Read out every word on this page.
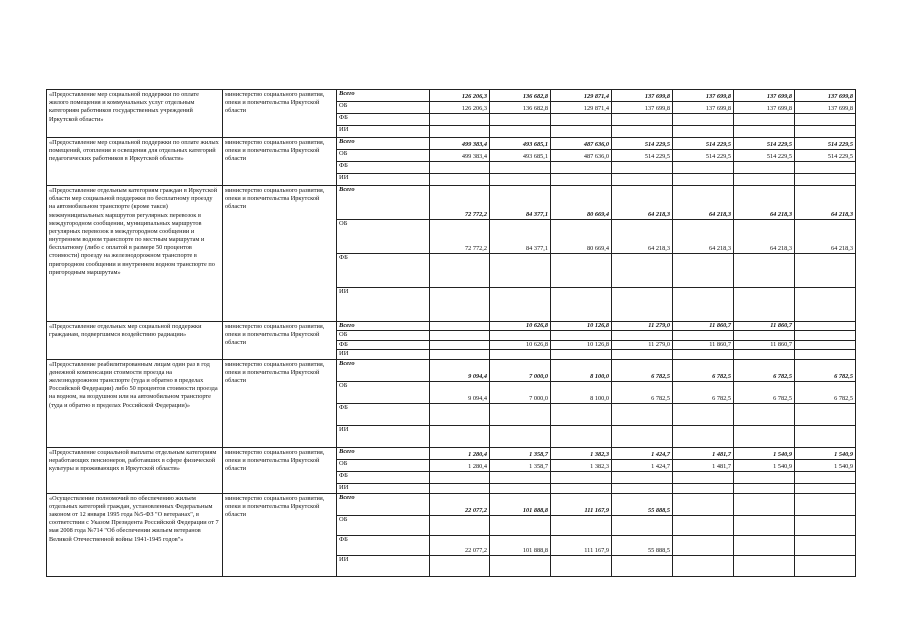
«Предоставление мер социальной поддержки по оплате жилого помещения и коммунальных услуг отдельным категориям работников государственных учреждений Иркутской области»	министерство социального развития, опеки и попечительства Иркутской области	Всего	126 206,3	136 682,8	129 871,4	137 699,8	137 699,8	137 699,8	137 699,8
		ОБ	126 206,3	136 682,8	129 871,4	137 699,8	137 699,8	137 699,8	137 699,8
		ФБ							
		ИИ							
«Предоставление мер социальной поддержки по оплате жилых помещений, отопления и освещения для отдельных категорий педагогических работников в Иркутской области»	министерство социального развития, опеки и попечительства Иркутской области	Всего	499 383,4	493 685,1	487 636,0	514 229,5	514 229,5	514 229,5	514 229,5
		ОБ	499 383,4	493 685,1	487 636,0	514 229,5	514 229,5	514 229,5	514 229,5
		ФБ							
		ИИ							
«Предоставление отдельным категориям граждан в Иркутской области мер социальной поддержки по бесплатному проезду на автомобильном транспорте (кроме такси) межмуниципальных маршрутов регулярных перевозок в междугородном сообщении, муниципальных маршрутов регулярных перевозок в междугородном сообщении и внутреннем водном транспорте по местным маршрутам и бесплатному (либо с оплатой в размере 50 процентов стоимости) проезду на железнодорожном транспорте в пригородном сообщении и внутреннем водном транспорте по пригородным маршрутам»	министерство социального развития, опеки и попечительства Иркутской области	Всего	72 772,2	84 377,1	80 669,4	64 218,3	64 218,3	64 218,3	64 218,3
		ОБ	72 772,2	84 377,1	80 669,4	64 218,3	64 218,3	64 218,3	64 218,3
		ФБ							
		ИИ							
«Предоставление отдельных мер социальной поддержки гражданам, подвергшимся воздействию радиации»	министерство социального развития, опеки и попечительства Иркутской области	Всего		10 626,8	10 126,8	11 279,0	11 860,7	11 860,7	
		ОБ							
		ФБ		10 626,8	10 126,8	11 279,0	11 860,7	11 860,7	
		ИИ							
«Предоставление реабилитированным лицам один раз в год денежной компенсации стоимости проезда на железнодорожном транспорте (туда и обратно в пределах Российской Федерации) либо 50 процентов стоимости проезда на водном, на воздушном или на автомобильном транспорте (туда и обратно в пределах Российской Федерации)»	министерство социального развития, опеки и попечительства Иркутской области	Всего	9 094,4	7 000,0	8 100,0	6 782,5	6 782,5	6 782,5	6 782,5
		ОБ	9 094,4	7 000,0	8 100,0	6 782,5	6 782,5	6 782,5	6 782,5
		ФБ							
		ИИ							
«Предоставление социальной выплаты отдельным категориям неработающих пенсионеров, работавших в сфере физической культуры и проживающих в Иркутской области»	министерство социального развития, опеки и попечительства Иркутской области	Всего	1 280,4	1 358,7	1 382,3	1 424,7	1 481,7	1 540,9	1 540,9
		ОБ	1 280,4	1 358,7	1 382,3	1 424,7	1 481,7	1 540,9	1 540,9
		ФБ							
		ИИ							
«Осуществление полномочий по обеспечению жильем отдельных категорий граждан, установленных Федеральным законом от 12 января 1995 года №5-ФЗ "О ветеранах", в соответствии с Указом Президента Российской Федерации от 7 мая 2008 года №714 "Об обеспечении жильем ветеранов Великой Отечественной войны 1941-1945 годов"»	министерство социального развития, опеки и попечительства Иркутской области	Всего	22 077,2	101 888,8	111 167,9	55 888,5			
		ОБ							
		ФБ	22 077,2	101 888,8	111 167,9	55 888,5			
		ИИ							
